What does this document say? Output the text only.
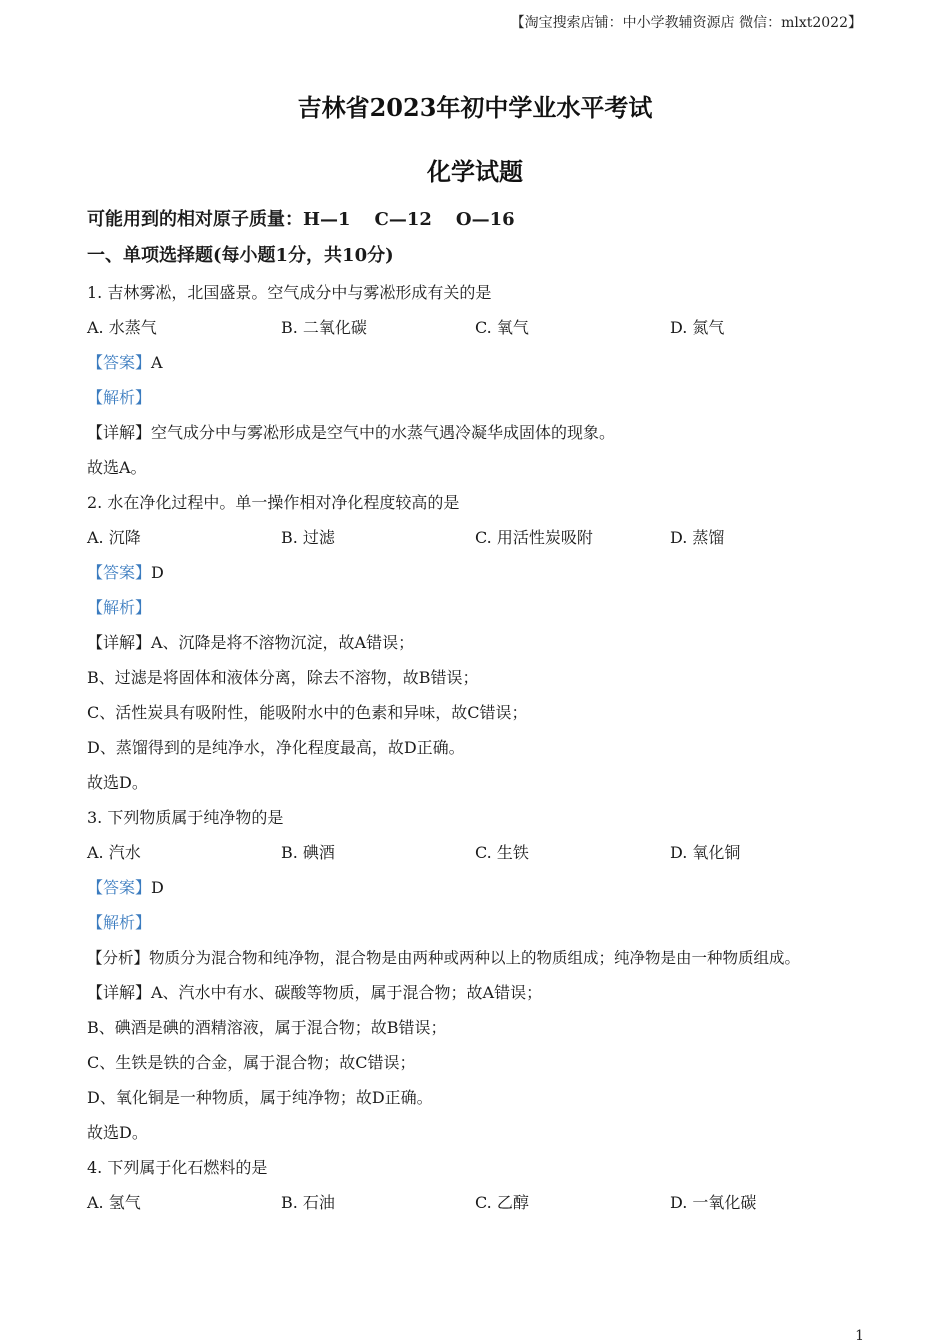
【淘宝搜索店铺：中小学教辅资源店 微信：mlxt2022】
吉林省2023年初中学业水平考试
化学试题
可能用到的相对原子质量：H—1 C—12 O—16
一、单项选择题(每小题1分，共10分)
1. 吉林雾凇，北国盛景。空气成分中与雾凇形成有关的是
A. 水蒸气	B. 二氧化碳	C. 氧气	D. 氮气
【答案】A
【解析】
【详解】空气成分中与雾凇形成是空气中的水蒸气遇冷凝华成固体的现象。
故选A。
2. 水在净化过程中。单一操作相对净化程度较高的是
A. 沉降	B. 过滤	C. 用活性炭吸附	D. 蒸馏
【答案】D
【解析】
【详解】A、沉降是将不溶物沉淀，故A错误；
B、过滤是将固体和液体分离，除去不溶物，故B错误；
C、活性炭具有吸附性，能吸附水中的色素和异味，故C错误；
D、蒸馏得到的是纯净水，净化程度最高，故D正确。
故选D。
3. 下列物质属于纯净物的是
A. 汽水	B. 碘酒	C. 生铁	D. 氧化铜
【答案】D
【解析】
【分析】物质分为混合物和纯净物，混合物是由两种或两种以上的物质组成；纯净物是由一种物质组成。
【详解】A、汽水中有水、碳酸等物质，属于混合物；故A错误；
B、碘酒是碘的酒精溶液，属于混合物；故B错误；
C、生铁是铁的合金，属于混合物；故C错误；
D、氧化铜是一种物质，属于纯净物；故D正确。
故选D。
4. 下列属于化石燃料的是
A. 氢气	B. 石油	C. 乙醇	D. 一氧化碳
1
